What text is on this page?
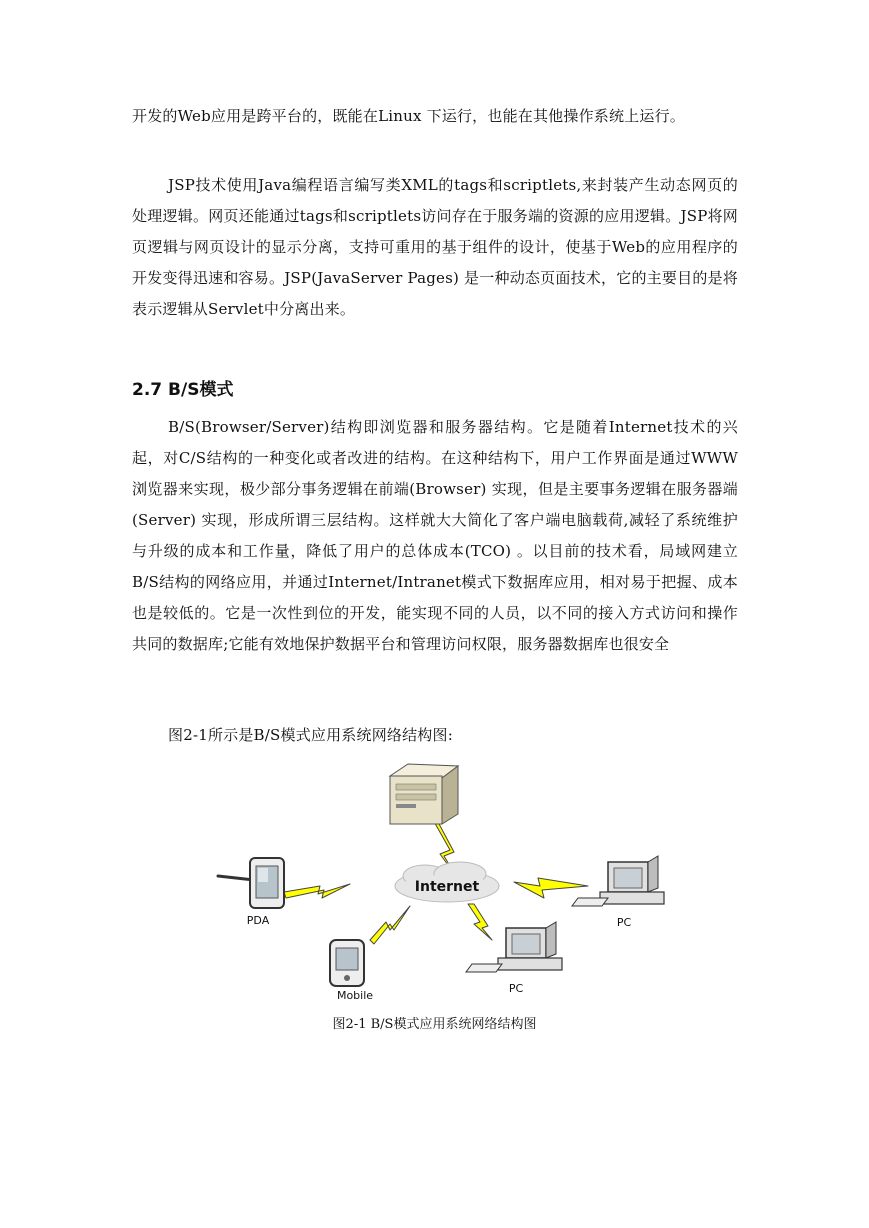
开发的Web应用是跨平台的，既能在Linux 下运行，也能在其他操作系统上运行。

JSP技术使用Java编程语言编写类XML的tags和scriptlets,来封装产生动态网页的处理逻辑。网页还能通过tags和scriptlets访问存在于服务端的资源的应用逻辑。JSP将网页逻辑与网页设计的显示分离，支持可重用的基于组件的设计，使基于Web的应用程序的开发变得迅速和容易。JSP(JavaServer Pages) 是一种动态页面技术，它的主要目的是将表示逻辑从Servlet中分离出来。

2.7 B/S模式

B/S(Browser/Server)结构即浏览器和服务器结构。它是随着Internet技术的兴起，对C/S结构的一种变化或者改进的结构。在这种结构下，用户工作界面是通过WWW浏览器来实现，极少部分事务逻辑在前端(Browser) 实现，但是主要事务逻辑在服务器端(Server) 实现，形成所谓三层结构。这样就大大简化了客户端电脑载荷,减轻了系统维护与升级的成本和工作量，降低了用户的总体成本(TCO) 。以目前的技术看，局域网建立B/S结构的网络应用，并通过Internet/Intranet模式下数据库应用，相对易于把握、成本也是较低的。它是一次性到位的开发，能实现不同的人员，以不同的接入方式访问和操作共同的数据库;它能有效地保护数据平台和管理访问权限，服务器数据库也很安全

图2-1所示是B/S模式应用系统网络结构图:

Internet
PDA
Mobile
PC
PC
图2-1 B/S模式应用系统网络结构图
